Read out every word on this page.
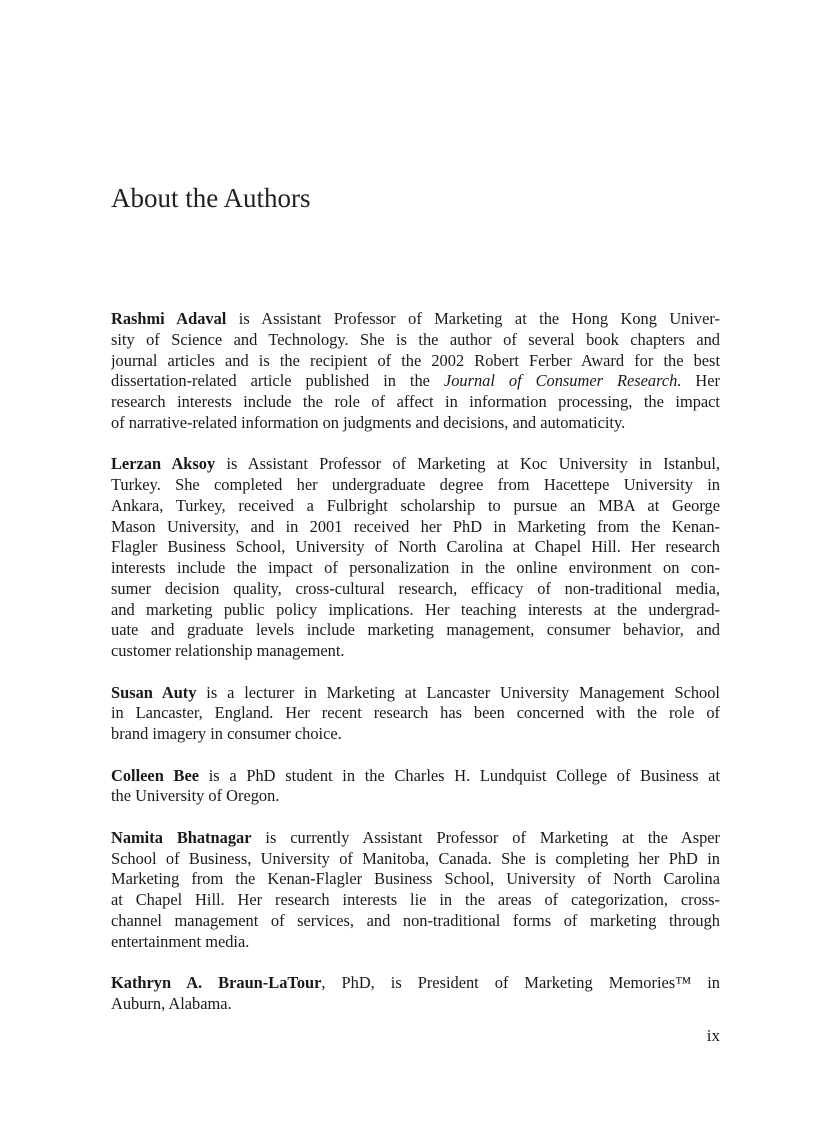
About the Authors

Rashmi Adaval is Assistant Professor of Marketing at the Hong Kong Univer-
sity of Science and Technology. She is the author of several book chapters and
journal articles and is the recipient of the 2002 Robert Ferber Award for the best
dissertation-related article published in the Journal of Consumer Research. Her
research interests include the role of affect in information processing, the impact
of narrative-related information on judgments and decisions, and automaticity.

Lerzan Aksoy is Assistant Professor of Marketing at Koc University in Istanbul,
Turkey. She completed her undergraduate degree from Hacettepe University in
Ankara, Turkey, received a Fulbright scholarship to pursue an MBA at George
Mason University, and in 2001 received her PhD in Marketing from the Kenan-
Flagler Business School, University of North Carolina at Chapel Hill. Her research
interests include the impact of personalization in the online environment on con-
sumer decision quality, cross-cultural research, efficacy of non-traditional media,
and marketing public policy implications. Her teaching interests at the undergrad-
uate and graduate levels include marketing management, consumer behavior, and
customer relationship management.

Susan Auty is a lecturer in Marketing at Lancaster University Management School
in Lancaster, England. Her recent research has been concerned with the role of
brand imagery in consumer choice.

Colleen Bee is a PhD student in the Charles H. Lundquist College of Business at
the University of Oregon.

Namita Bhatnagar is currently Assistant Professor of Marketing at the Asper
School of Business, University of Manitoba, Canada. She is completing her PhD in
Marketing from the Kenan-Flagler Business School, University of North Carolina
at Chapel Hill. Her research interests lie in the areas of categorization, cross-
channel management of services, and non-traditional forms of marketing through
entertainment media.

Kathryn A. Braun-LaTour, PhD, is President of Marketing Memories™ in
Auburn, Alabama.

ix
